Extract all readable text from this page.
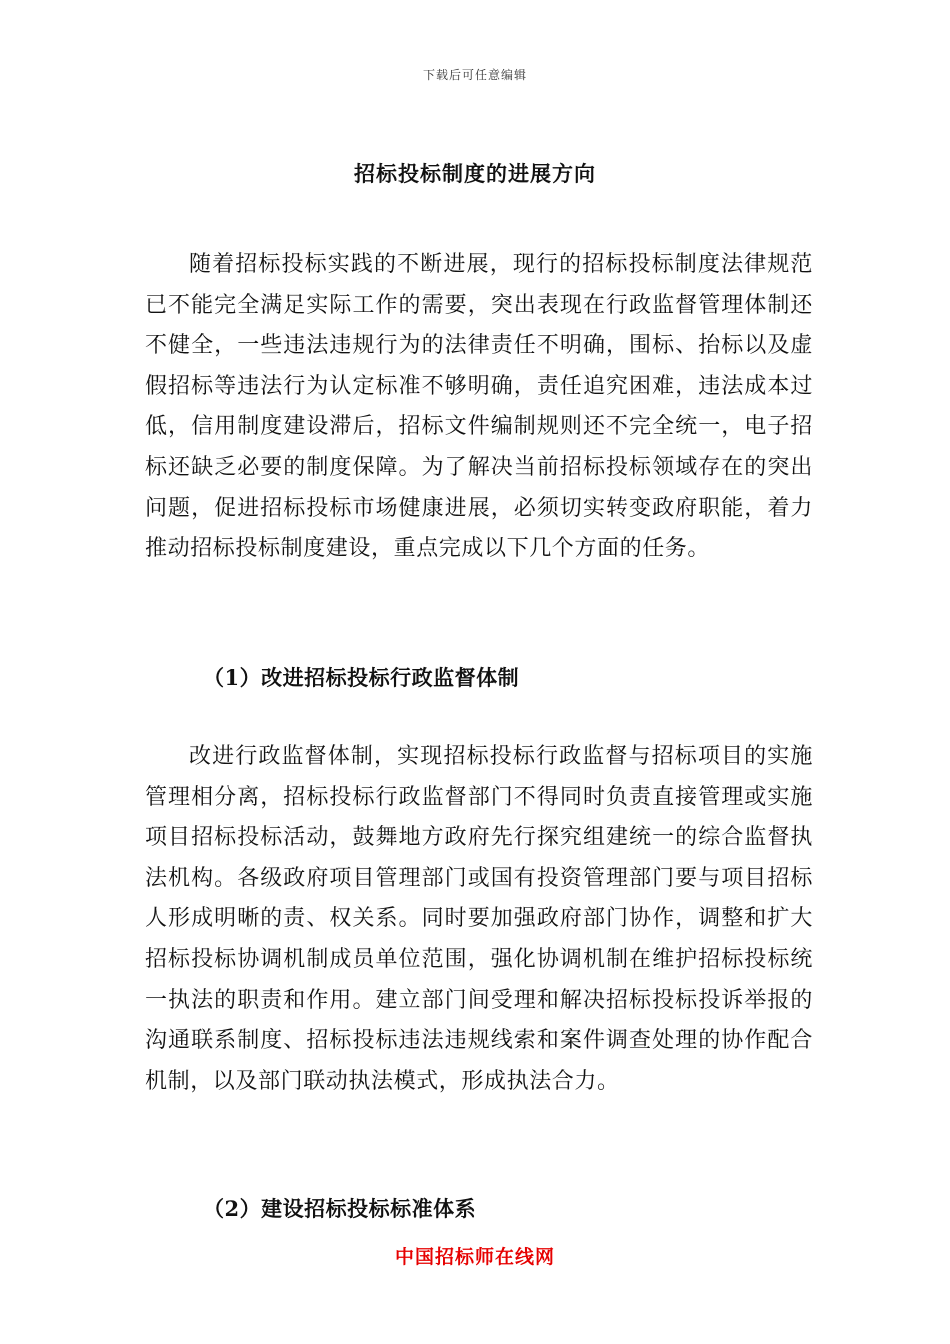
下载后可任意编辑
招标投标制度的进展方向

随着招标投标实践的不断进展，现行的招标投标制度法律规范已不能完全满足实际工作的需要，突出表现在行政监督管理体制还不健全，一些违法违规行为的法律责任不明确，围标、抬标以及虚假招标等违法行为认定标准不够明确，责任追究困难，违法成本过低，信用制度建设滞后，招标文件编制规则还不完全统一，电子招标还缺乏必要的制度保障。为了解决当前招标投标领域存在的突出问题，促进招标投标市场健康进展，必须切实转变政府职能，着力推动招标投标制度建设，重点完成以下几个方面的任务。

（1）改进招标投标行政监督体制

改进行政监督体制，实现招标投标行政监督与招标项目的实施管理相分离，招标投标行政监督部门不得同时负责直接管理或实施项目招标投标活动，鼓舞地方政府先行探究组建统一的综合监督执法机构。各级政府项目管理部门或国有投资管理部门要与项目招标人形成明晰的责、权关系。同时要加强政府部门协作，调整和扩大招标投标协调机制成员单位范围，强化协调机制在维护招标投标统一执法的职责和作用。建立部门间受理和解决招标投标投诉举报的沟通联系制度、招标投标违法违规线索和案件调查处理的协作配合机制，以及部门联动执法模式，形成执法合力。

（2）建设招标投标标准体系
中国招标师在线网
